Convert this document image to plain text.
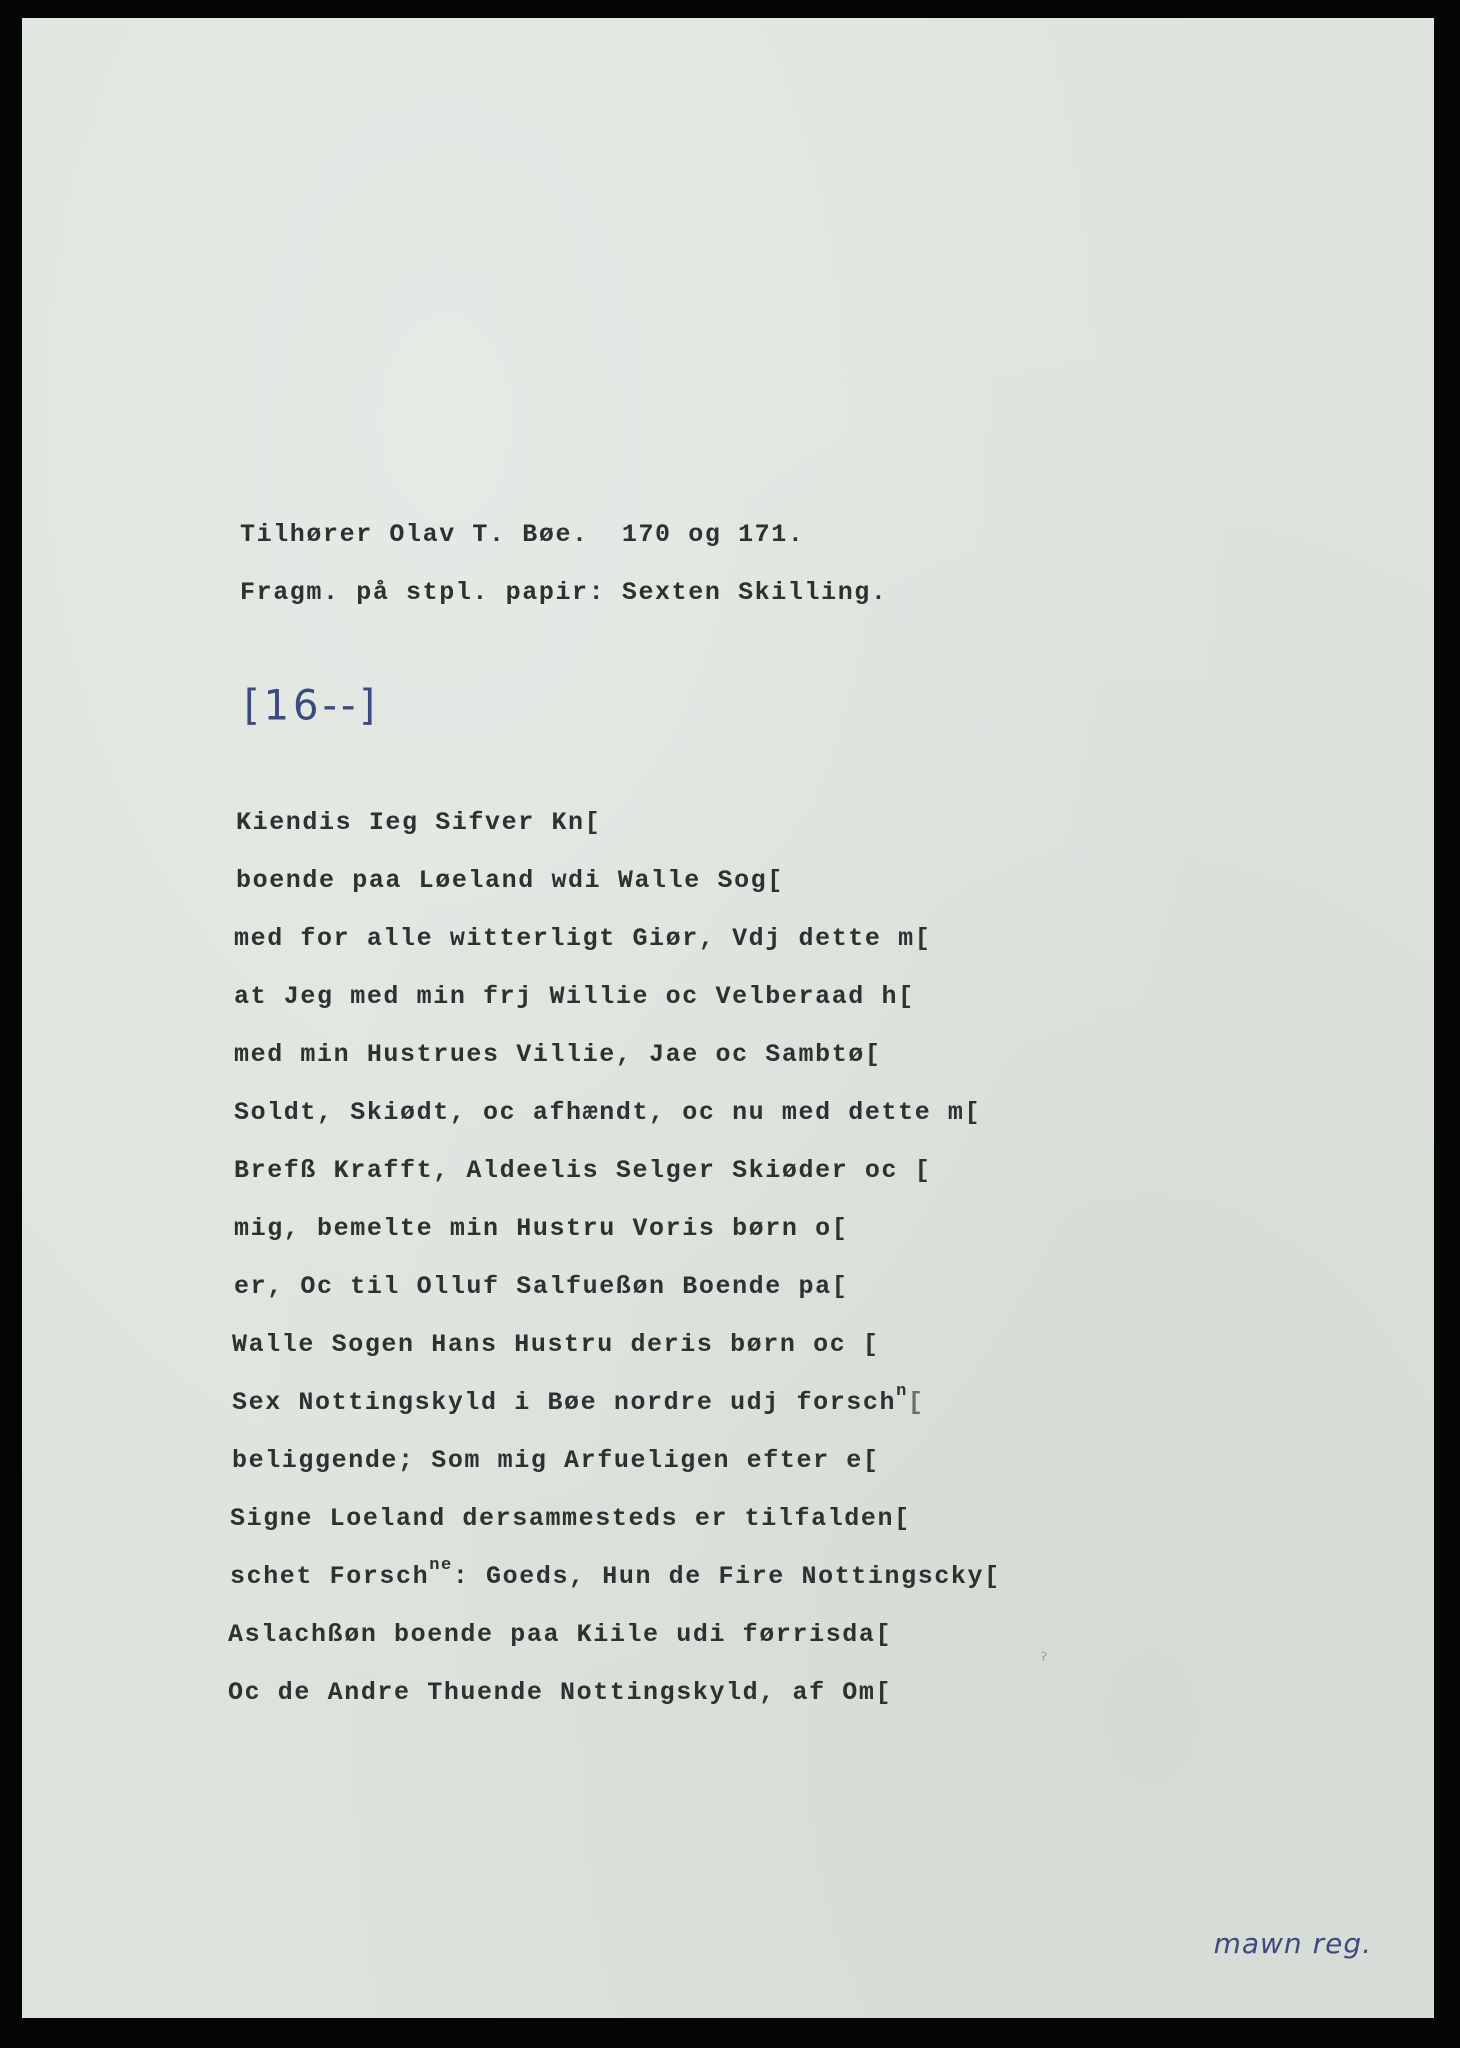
Tilhører Olav T. Bøe.  170 og 171.

Fragm. på stpl. papir: Sexten Skilling.

[16--]

Kiendis Ieg Sifver Kn[

boende paa Løeland wdi Walle Sog[

med for alle witterligt Giør, Vdj dette m[

at Jeg med min frj Willie oc Velberaad h[

med min Hustrues Villie, Jae oc Sambtø[

Soldt, Skiødt, oc afhændt, oc nu med dette m[

Brefß Krafft, Aldeelis Selger Skiøder oc [

mig, bemelte min Hustru Voris børn o[

er, Oc til Olluf Salfueßøn Boende pa[

Walle Sogen Hans Hustru deris børn oc [

Sex Nottingskyld i Bøe nordre udj forsch$^n$[

beliggende; Som mig Arfueligen efter e[

Signe Loeland dersammesteds er tilfalden[

schet Forsch$^{ne}$: Goeds, Hun de Fire Nottingscky[

Aslachßøn boende paa Kiile udi førrisda[

Oc de Andre Thuende Nottingskyld, af Om[

ˀ

mawn reg.
